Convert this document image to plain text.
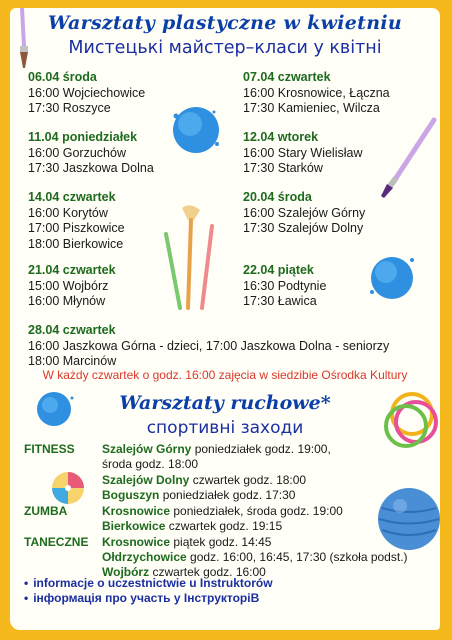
Warsztaty plastyczne w kwietniu
Мистецькі майстер–класи у квітні
06.04 środa
16:00 Wojciechowice
17:30 Roszyce
11.04 poniedziałek
16:00 Gorzuchów
17:30 Jaszkowa Dolna
14.04 czwartek
16:00 Korytów
17:00 Piszkowice
18:00 Bierkowice
21.04 czwartek
15:00 Wojbórz
16:00 Młynów
07.04 czwartek
16:00 Krosnowice, Łączna
17:30 Kamieniec, Wilcza
12.04 wtorek
16:00 Stary Wielisław
17:30 Starków
20.04 środa
16:00 Szalejów Górny
17:30 Szalejów Dolny
22.04 piątek
16:30 Podtynie
17:30 Ławica
28.04 czwartek
16:00 Jaszkowa Górna - dzieci, 17:00 Jaszkowa Dolna - seniorzy
18:00 Marcinów
W każdy czwartek o godz. 16:00 zajęcia w siedzibie Ośrodka Kultury
Warsztaty ruchowe*
спортивні заходи
FITNESS Szalejów Górny poniedziałek godz. 19:00,
środa godz. 18:00
Szalejów Dolny czwartek godz. 18:00
Boguszyn poniedziałek godz. 17:30
ZUMBA	Krosnowice poniedziałek, środa godz. 19:00
Bierkowice czwartek godz. 19:15
TANECZNE Krosnowice piątek godz. 14:45
Ołdrzychowice godz. 16:00, 16:45, 17:30 (szkoła podst.)
Wojbórz czwartek godz. 16:00
• informacje o uczestnictwie u Instruktorów
• інформація про участь у ІнструкторіВ
